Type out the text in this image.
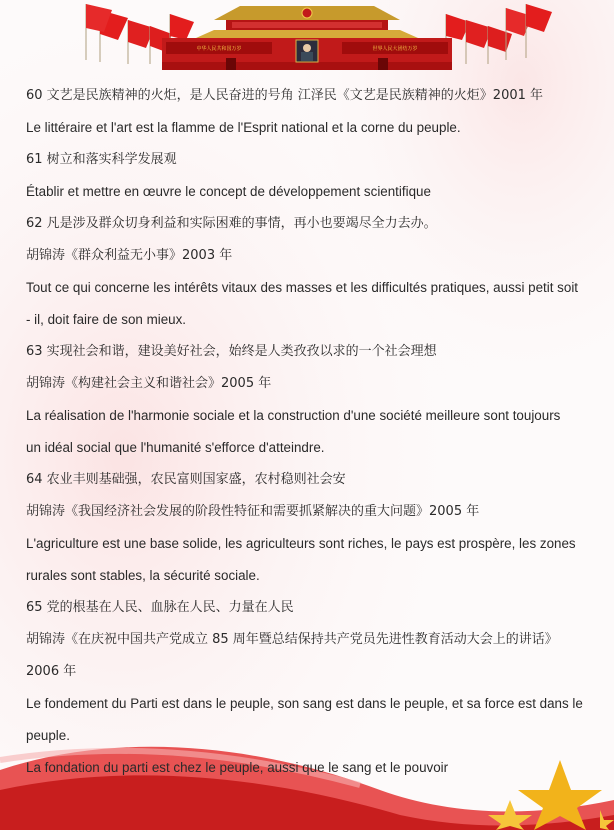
中华人民共和国万岁	世界人民大团结万岁

60 文艺是民族精神的火炬，是人民奋进的号角 江泽民《文艺是民族精神的火炬》2001 年

Le littéraire et l'art est la flamme de l'Esprit national et la corne du peuple.

61 树立和落实科学发展观

Établir et mettre en œuvre le concept de développement scientifique

62 凡是涉及群众切身利益和实际困难的事情，再小也要竭尽全力去办。

胡锦涛《群众利益无小事》2003 年

Tout ce qui concerne les intérêts vitaux des masses et les difficultés pratiques, aussi petit soit

- il, doit faire de son mieux.

63 实现社会和谐，建设美好社会，始终是人类孜孜以求的一个社会理想

胡锦涛《构建社会主义和谐社会》2005 年

La réalisation de l'harmonie sociale et la construction d'une société meilleure sont toujours

un idéal social que l'humanité s'efforce d'atteindre.

64 农业丰则基础强，农民富则国家盛，农村稳则社会安

胡锦涛《我国经济社会发展的阶段性特征和需要抓紧解决的重大问题》2005 年

L'agriculture est une base solide, les agriculteurs sont riches, le pays est prospère, les zones

rurales sont stables, la sécurité sociale.

65 党的根基在人民、血脉在人民、力量在人民

胡锦涛《在庆祝中国共产党成立 85 周年暨总结保持共产党员先进性教育活动大会上的讲话》

2006 年

Le fondement du Parti est dans le peuple, son sang est dans le peuple, et sa force est dans le

peuple.

La fondation du parti est chez le peuple, aussi que le sang et le pouvoir
